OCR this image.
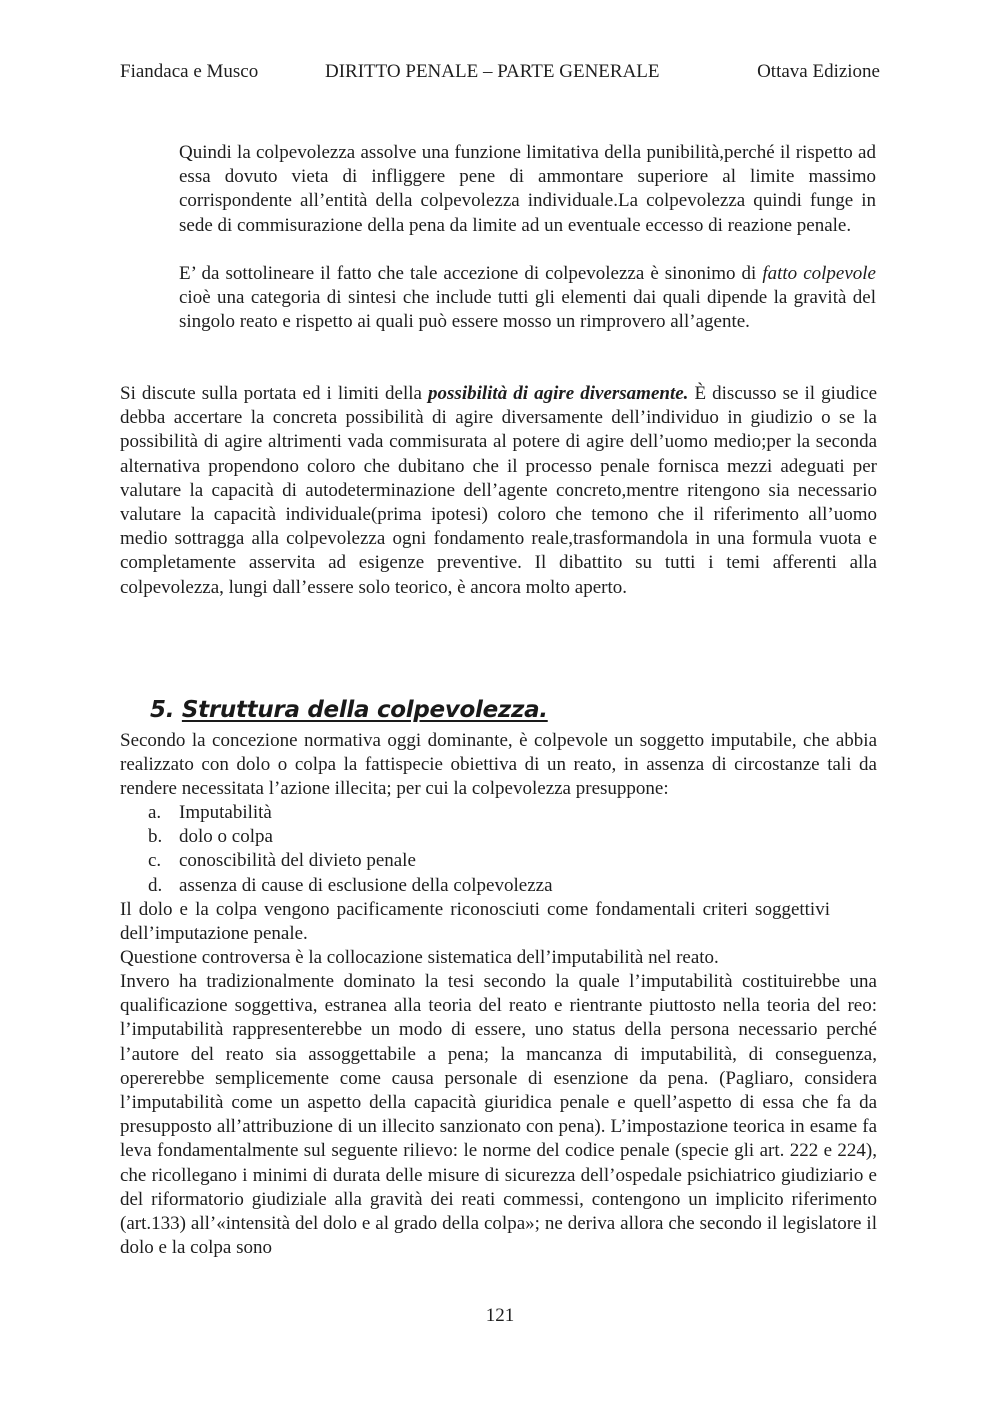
Fiandaca e Musco	DIRITTO PENALE – PARTE GENERALE	Ottava Edizione

Quindi la colpevolezza assolve una funzione limitativa della punibilità,perché il rispetto ad essa dovuto vieta di infliggere pene di ammontare superiore al limite massimo corrispondente all’entità della colpevolezza individuale.La colpevolezza quindi funge in sede di commisurazione della pena da limite ad un eventuale eccesso di reazione penale.

E’ da sottolineare il fatto che tale accezione di colpevolezza è sinonimo di fatto colpevole cioè una categoria di sintesi che include tutti gli elementi dai quali dipende la gravità del singolo reato e rispetto ai quali può essere mosso un rimprovero all’agente.

Si discute sulla portata ed i limiti della possibilità di agire diversamente. È discusso se il giudice debba accertare la concreta possibilità di agire diversamente dell’individuo in giudizio o se la possibilità di agire altrimenti vada commisurata al potere di agire dell’uomo medio;per la seconda alternativa propendono coloro che dubitano che il processo penale fornisca mezzi adeguati per valutare la capacità di autodeterminazione dell’agente concreto,mentre ritengono sia necessario valutare la capacità individuale(prima ipotesi) coloro che temono che il riferimento all’uomo medio sottragga alla colpevolezza ogni fondamento reale,trasformandola in una formula vuota e completamente asservita ad esigenze preventive. Il dibattito su tutti i temi afferenti alla colpevolezza, lungi dall’essere solo teorico, è ancora molto aperto.

5. Struttura della colpevolezza.

Secondo la concezione normativa oggi dominante, è colpevole un soggetto imputabile, che abbia realizzato con dolo o colpa la fattispecie obiettiva di un reato, in assenza di circostanze tali da rendere necessitata l’azione illecita; per cui la colpevolezza presuppone:

a. Imputabilità
b. dolo o colpa
c. conoscibilità del divieto penale
d. assenza di cause di esclusione della colpevolezza

Il dolo e la colpa vengono pacificamente riconosciuti come fondamentali criteri soggettivi dell’imputazione penale.

Questione controversa è la collocazione sistematica dell’imputabilità nel reato.

Invero ha tradizionalmente dominato la tesi secondo la quale l’imputabilità costituirebbe una qualificazione soggettiva, estranea alla teoria del reato e rientrante piuttosto nella teoria del reo: l’imputabilità rappresenterebbe un modo di essere, uno status della persona necessario perché l’autore del reato sia assoggettabile a pena; la mancanza di imputabilità, di conseguenza, opererebbe semplicemente come causa personale di esenzione da pena. (Pagliaro, considera l’imputabilità come un aspetto della capacità giuridica penale e quell’aspetto di essa che fa da presupposto all’attribuzione di un illecito sanzionato con pena). L’impostazione teorica in esame fa leva fondamentalmente sul seguente rilievo: le norme del codice penale (specie gli art. 222 e 224), che ricollegano i minimi di durata delle misure di sicurezza dell’ospedale psichiatrico giudiziario e del riformatorio giudiziale alla gravità dei reati commessi, contengono un implicito riferimento (art.133) all’«intensità del dolo e al grado della colpa»; ne deriva allora che secondo il legislatore il dolo e la colpa sono

121
